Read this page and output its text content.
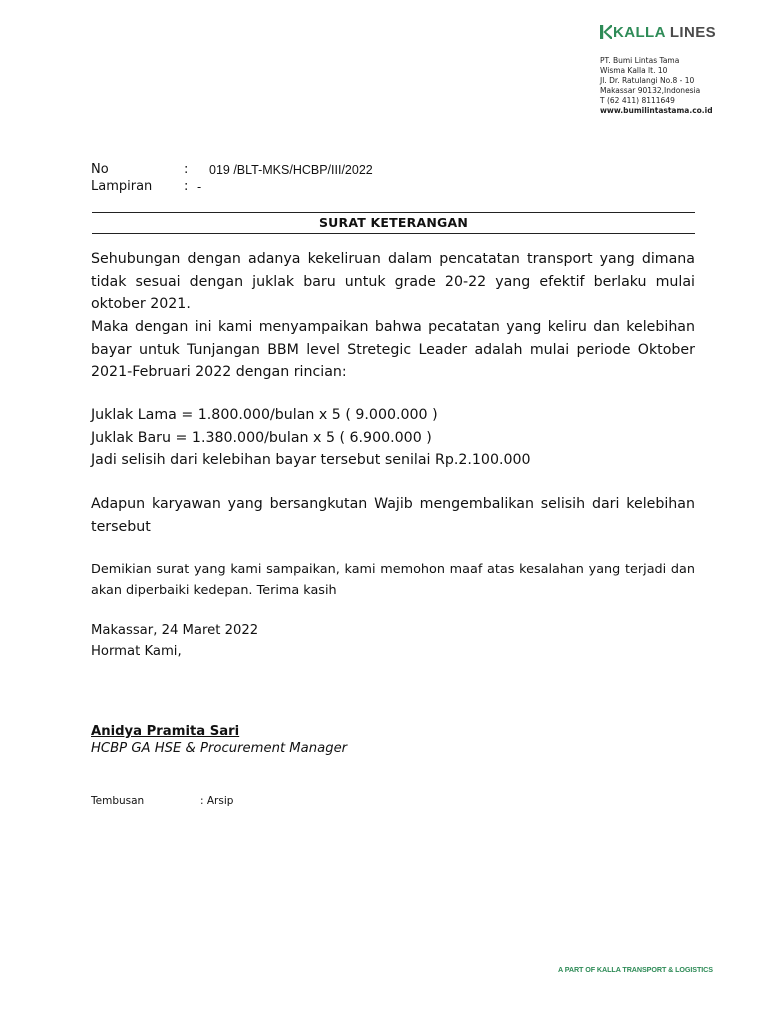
KALLA LINES
PT. Bumi Lintas Tama
Wisma Kalla lt. 10
Jl. Dr. Ratulangi No.8 - 10
Makassar 90132,Indonesia
T (62 411) 8111649
www.bumilintastama.co.id
No	: 019 /BLT-MKS/HCBP/III/2022
Lampiran : -
SURAT KETERANGAN
Sehubungan dengan adanya kekeliruan dalam pencatatan transport yang dimana tidak sesuai dengan juklak baru untuk grade 20-22 yang efektif berlaku mulai oktober 2021.
Maka dengan ini kami menyampaikan bahwa pecatatan yang keliru dan kelebihan bayar untuk Tunjangan BBM level Stretegic Leader adalah mulai periode Oktober 2021-Februari 2022 dengan rincian:
Juklak Lama = 1.800.000/bulan x 5 ( 9.000.000 )
Juklak Baru = 1.380.000/bulan x 5 ( 6.900.000 )
Jadi selisih dari kelebihan bayar tersebut senilai Rp.2.100.000
Adapun karyawan yang bersangkutan Wajib mengembalikan selisih dari kelebihan tersebut
Demikian surat yang kami sampaikan, kami memohon maaf atas kesalahan yang terjadi dan akan diperbaiki kedepan. Terima kasih
Makassar, 24 Maret 2022
Hormat Kami,
Anidya Pramita Sari
HCBP GA HSE & Procurement Manager
Tembusan	: Arsip
A PART OF KALLA TRANSPORT & LOGISTICS
